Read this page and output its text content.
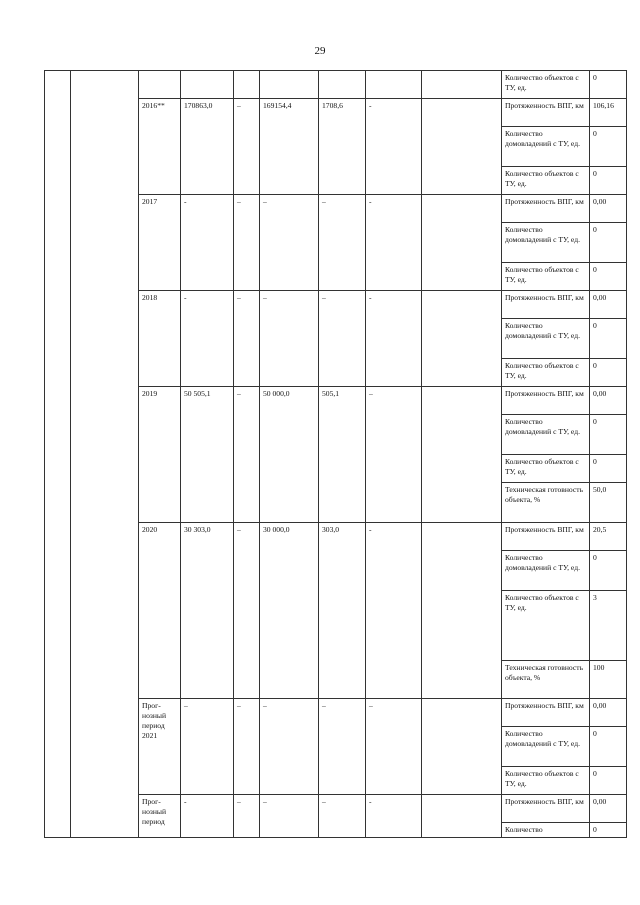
29
									Количество объектов с ТУ, ед.	0
		2016**	170863,0	–	169154,4	1708,6	-		Протяженность ВПГ, км	106,16
									Количество домовладений с ТУ, ед.	0
									Количество объектов с ТУ, ед.	0
		2017	-	–	–	–	-		Протяженность ВПГ, км	0,00
									Количество домовладений с ТУ, ед.	0
									Количество объектов с ТУ, ед.	0
		2018	-	–	–	–	-		Протяженность ВПГ, км	0,00
									Количество домовладений с ТУ, ед.	0
									Количество объектов с ТУ, ед.	0
		2019	50 505,1	–	50 000,0	505,1	–		Протяженность ВПГ, км	0,00
									Количество домовладений с ТУ, ед.	0
									Количество объектов с ТУ, ед.	0
									Техническая готовность объекта, %	50,0
		2020	30 303,0	–	30 000,0	303,0	-		Протяженность ВПГ, км	20,5
									Количество домовладений с ТУ, ед.	0
									Количество объектов с ТУ, ед.	3
									Техническая готовность объекта, %	100
		Прог-нозный период 2021	–	–	–	–	–		Протяженность ВПГ, км	0,00
									Количество домовладений с ТУ, ед.	0
									Количество объектов с ТУ, ед.	0
		Прог-нозный период	-	–	–	–	-		Протяженность ВПГ, км	0,00
									Количество	0
